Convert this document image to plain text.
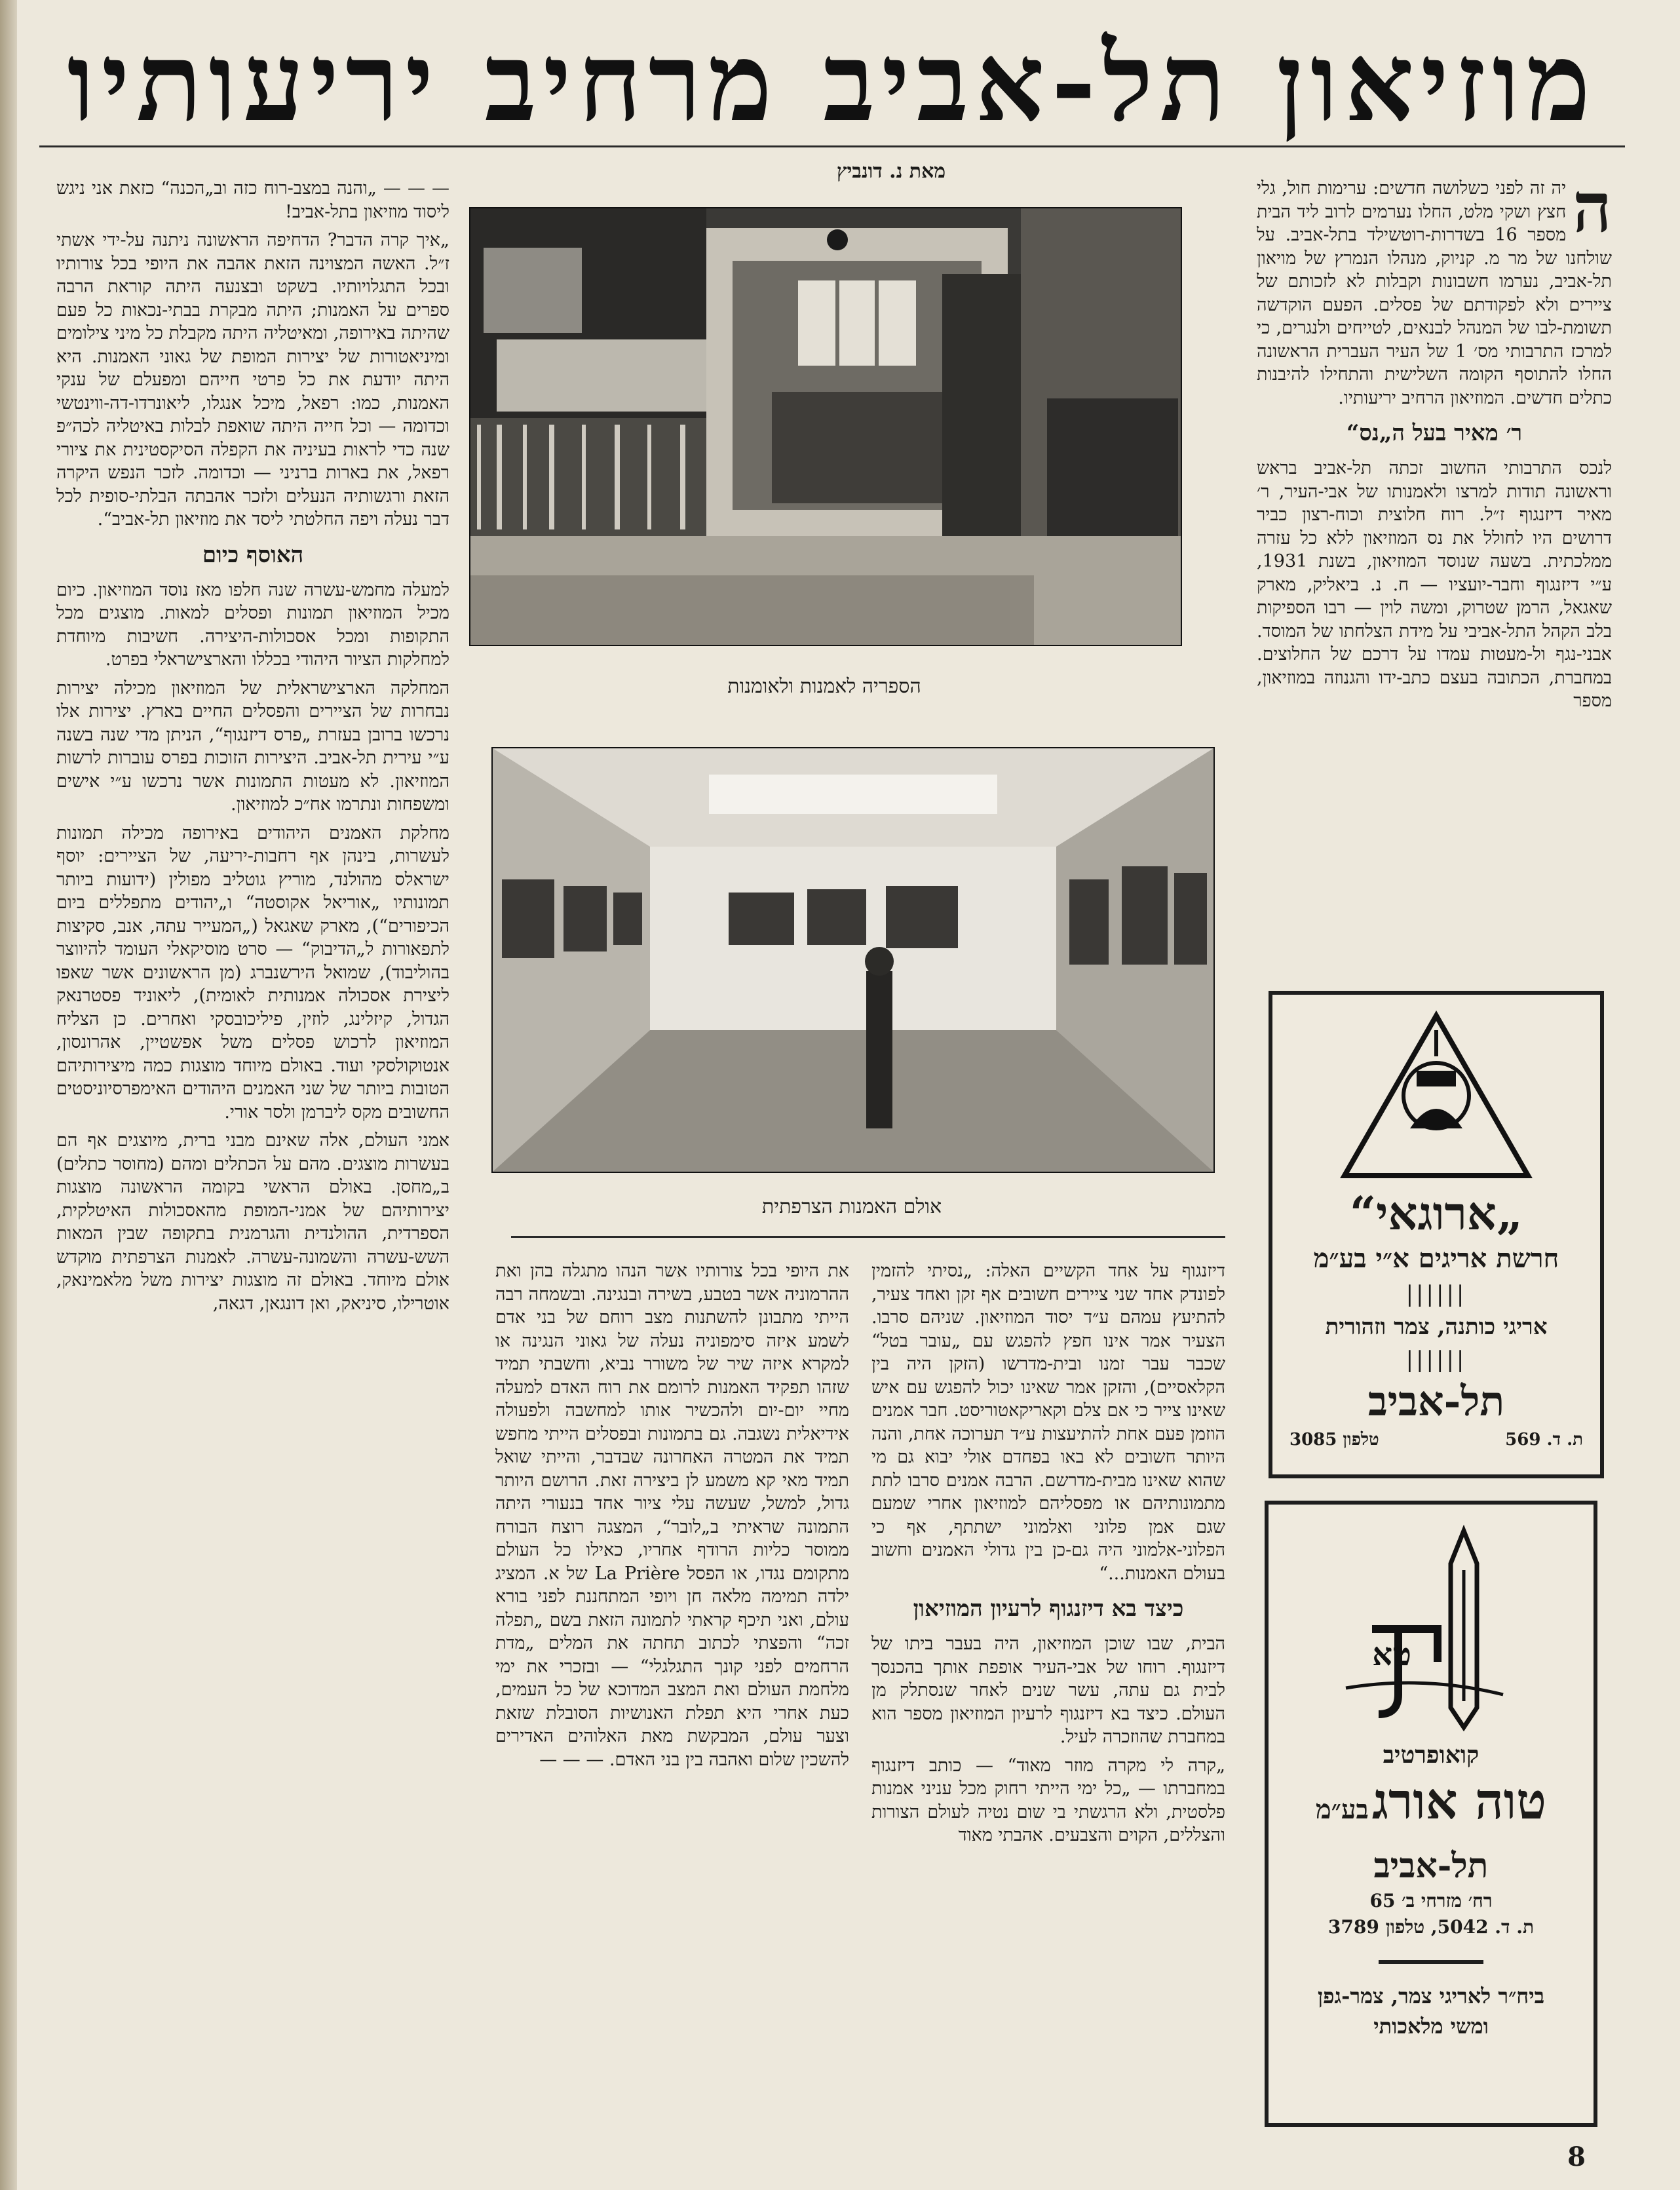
מוזיאון תל-אביב מרחיב יריעותיו
מאת נ. דונביץ	ה

יה זה לפני כשלושה חדשים: ערימות חול, גלי חצץ ושקי מלט, החלו נערמים לרוב ליד הבית מספר 16 בשדרות-רוטשילד בתל-אביב. על שולחנו של מר מ. קניוק, מנהלו הנמרץ של מויאון תל-אביב, נערמו חשבונות וקבלות לא לזכותם של ציירים ולא לפקודתם של פסלים. הפעם הוקדשה תשומת-לבו של המנהל לבנאים, לטייחים ולנגרים, כי למרכז התרבותי מס׳ 1 של העיר העברית הראשונה החלו להתוסף הקומה השלישית והתחילו להיבנות כתלים חדשים. המוזיאון הרחיב יריעותיו.

ר׳ מאיר בעל ה„נס“

לנכס התרבותי החשוב זכתה תל-אביב בראש וראשונה תודות למרצו ולאמנותו של אבי-העיר, ר׳ מאיר דיזנגוף ז״ל. רוח חלוצית וכוח-רצון כביר דרושים היו לחולל את נס המוזיאון ללא כל עזרה ממלכתית. בשעה שנוסד המוזיאון, בשנת 1931, ע״י דיזנגוף וחבר-יועציו — ח. נ. ביאליק, מארק שאגאל, הרמן שטרוק, ומשה לוין — רבו הספיקות בלב הקהל התל-אביבי על מידת הצלחתו של המוסד. אבני-נגף ול-מעטות עמדו על דרכם של החלוצים. במחברת, הכתובה בעצם כתב-ידו והגנוזה במוזיאון, מספר

הספריה לאמנות ולאומנות
אולם האמנות הצרפתית

דיזנגוף על אחד הקשיים האלה: „נסיתי להזמין לפונדק אחד שני ציירים חשובים אף זקן ואחד צעיר, להתיעץ עמהם ע״ד יסוד המוזיאון. שניהם סרבו. הצעיר אמר אינו חפץ להפגש עם „עובר בטל“ שכבר עבר זמנו ובית-מדרשו (הזקן היה בין הקלאסיים), והזקן אמר שאינו יכול להפגש עם איש שאינו צייר כי אם צלם וקאריקאטוריסט. חבר אמנים הוזמן פעם אחת להתיעצות ע״ד תערוכה אחת, והנה היותר חשובים לא באו בפחדם אולי יבוא גם מי שהוא שאינו מבית-מדרשם. הרבה אמנים סרבו לתת מתמונותיהם או מפסליהם למוזיאון אחרי שמעם שגם אמן פלוני ואלמוני ישתתף, אף כי הפלוני-אלמוני היה גם-כן בין גדולי האמנים וחשוב בעולם האמנות...“

כיצד בא דיזנגוף לרעיון המוזיאון

הבית, שבו שוכן המוזיאון, היה בעבר ביתו של דיזנגוף. רוחו של אבי-העיר אופפת אותך בהכנסך לבית גם עתה, עשר שנים לאחר שנסתלק מן העולם. כיצד בא דיזנגוף לרעיון המוזיאון מספר הוא במחברת שהוזכרה לעיל.

„קרה לי מקרה מוזר מאוד“ — כותב דיזנגוף במחברתו — „כל ימי הייתי רחוק מכל עניני אמנות פלסטית, ולא הרגשתי בי שום נטיה לעולם הצורות והצללים, הקוים והצבעים. אהבתי מאוד

את היופי בכל צורותיו אשר הנהו מתגלה בהן ואת ההרמוניה אשר בטבע, בשירה ובנגינה. ובשמחה רבה הייתי מתבונן להשתנות מצב רוחם של בני אדם לשמע איזה סימפוניה נעלה של גאוני הנגינה או למקרא איזה שיר של משורר נביא, וחשבתי תמיד שזהו תפקיד האמנות לרומם את רוח האדם למעלה מחיי יום-יום ולהכשיר אותו למחשבה ולפעולה אידיאלית נשגבה. גם בתמונות ובפסלים הייתי מחפש תמיד את המטרה האחרונה שבדבר, והייתי שואל תמיד מאי קא משמע לן ביצירה זאת. הרושם היותר גדול, למשל, שעשה עלי ציור אחד בנעורי היתה התמונה שראיתי ב„לובר“, המצגה רוצח הבורח ממוסר כליות הרודף אחריו, כאילו כל העולם מתקומם נגדו, או הפסל La Prière של א. המציג ילדה תמימה מלאה חן ויופי המתחננת לפני בורא עולם, ואני תיכף קראתי לתמונה הזאת בשם „תפלה זכה“ והפצתי לכתוב תחתה את המלים „מדת הרחמים לפני קונך התגלגלי“ — ובזכרי את ימי מלחמת העולם ואת המצב המדוכא של כל העמים, כעת אחרי היא תפלת האנושיות הסובלת שזאת וצער עולם, המבקשת מאת האלוהים האדירים להשכין שלום ואהבה בין בני האדם. — — —

— — — „והנה במצב-רוח כזה וב„הכנה“ כזאת אני ניגש ליסוד מוזיאון בתל-אביב!

„איך קרה הדבר? הדחיפה הראשונה ניתנה על-ידי אשתי ז״ל. האשה המצוינה הזאת אהבה את היופי בכל צורותיו ובכל התגלויותיו. בשקט ובצנעה היתה קוראת הרבה ספרים על האמנות; היתה מבקרת בבתי-נכאות כל פעם שהיתה באירופה, ומאיטליה היתה מקבלת כל מיני צילומים ומיניאטורות של יצירות המופת של גאוני האמנות. היא היתה יודעת את כל פרטי חייהם ומפעלם של ענקי האמנות, כמו: רפאל, מיכל אנגלו, ליאונרדו-דה-ווינטשי וכדומה — וכל חייה היתה שואפת לבלות באיטליה לכה״פ שנה כדי לראות בעיניה את הקפלה הסיקסטינית את ציורי רפאל, את בארות ברניני — וכדומה. לזכר הנפש היקרה הזאת ורגשותיה הנעלים ולזכר אהבתה הבלתי-סופית לכל דבר נעלה ויפה החלטתי ליסד את מוזיאון תל-אביב“.

האוסף כיום

למעלה מחמש-עשרה שנה חלפו מאז נוסד המוזיאון. כיום מכיל המוזיאון תמונות ופסלים למאות. מוצגים מכל התקופות ומכל אסכולות-היצירה. חשיבות מיוחדת למחלקות הציור היהודי בכללו והארצישראלי בפרט.

המחלקה הארצישראלית של המוזיאון מכילה יצירות נבחרות של הציירים והפסלים החיים בארץ. יצירות אלו נרכשו ברובן בעזרת „פרס דיזנגוף“, הניתן מדי שנה בשנה ע״י עירית תל-אביב. היצירות הזוכות בפרס עוברות לרשות המוזיאון. לא מעטות התמונות אשר נרכשו ע״י אישים ומשפחות ונתרמו אח״כ למוזיאון.

מחלקת האמנים היהודים באירופה מכילה תמונות לעשרות, בינהן אף רחבות-יריעה, של הציירים: יוסף ישראלס מהולנד, מוריץ גוטליב מפולין (ידועות ביותר תמונותיו „אוריאל אקוסטה“ ו„יהודים מתפללים ביום הכיפורים“), מארק שאגאל („המעייר עתה, אנב, סקיצות לתפאורות ל„הדיבוק“ — סרט מוסיקאלי העומד להיווצר בהוליבוד), שמואל הירשנברג (מן הראשונים אשר שאפו ליצירת אסכולה אמנותית לאומית), ליאוניד פסטרנאק הגדול, קיזלינג, לוזין, פיליכובסקי ואחרים. כן הצליח המוזיאון לרכוש פסלים משל אפשטיין, אהרונסון, אנטוקולסקי ועוד. באולם מיוחד מוצגות כמה מיצירותיהם הטובות ביותר של שני האמנים היהודים האימפרסיוניסטים החשובים מקס ליברמן ולסר אורי.

אמני העולם, אלה שאינם מבני ברית, מיוצגים אף הם בעשרות מוצגים. מהם על הכתלים ומהם (מחוסר כתלים) ב„מחסן. באולם הראשי בקומה הראשונה מוצגות יצירותיהם של אמני-המופת מהאסכולות האיטלקית, הספרדית, ההולנדית והגרמנית בתקופה שבין המאות השש-עשרה והשמונה-עשרה. לאמנות הצרפתית מוקדש אולם מיוחד. באולם זה מוצגות יצירות משל מלאמינאק, אוטרילו, סיניאק, ואן דונגאן, דגאה,

„ארוגאי“
חרשת אריגים א״י בע״מ
||||||
אריגי כותנה, צמר וזהורית
||||||
תל-אביב
ת. ד. 569
טלפון 3085
טא
קואופרטיב
טוה אורג בע״מ
תל-אביב
רח׳ מזרחי ב׳ 65
ת. ד. 5042, טלפון 3789
ביח״ר לאריגי צמר, צמר-גפן
ומשי מלאכותי
8
